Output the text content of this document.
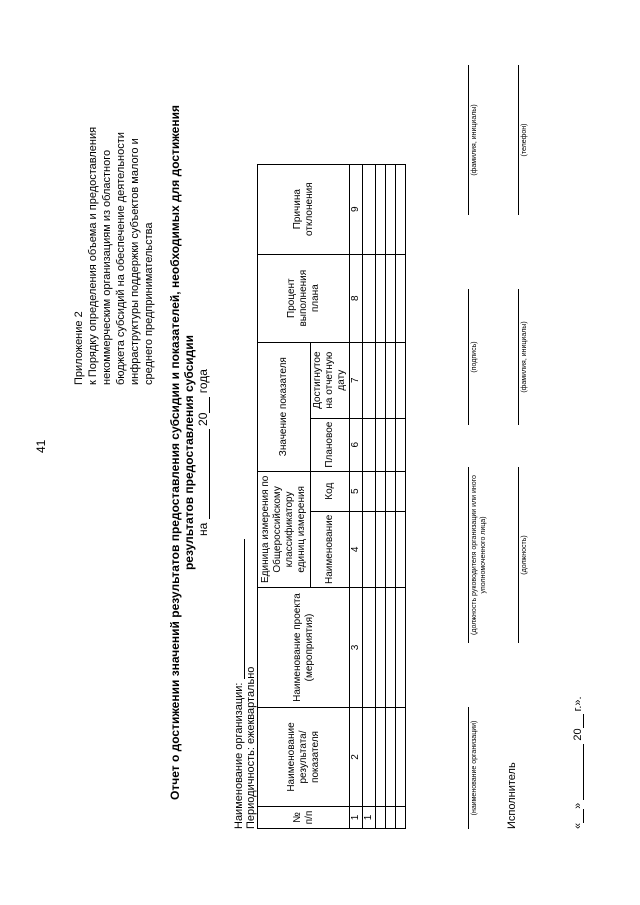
41
Приложение 2 к Порядку определения объема и предоставления некоммерческим организациям из областного бюджета субсидий на обеспечение деятельности инфраструктуры поддержки субъектов малого и среднего предпринимательства Отчет о достижении значений результатов предоставления субсидии и показателей, необходимых для достижения результатов предоставления субсидии на  20 года
Наименование организации: Периодичность: ежеквартально	№ п/п	Наименование результата/ показателя	Наименование проекта (мероприятия)	Единица измерения по Общероссийскому классификатору единиц измерения		Значение показателя		Процент выполнения плана	Причина отклонения
			Наименование	Код	Плановое	Достигнутое на отчетную дату		
1	2	3	4	5	6	7	8	9
1								

(наименование организации)
(должность руководителя организации или иного уполномоченного лица)
(подпись)
(фамилия, инициалы)
Исполнитель
(должность)
(фамилия, инициалы)
(телефон)
«»  20 г.».
